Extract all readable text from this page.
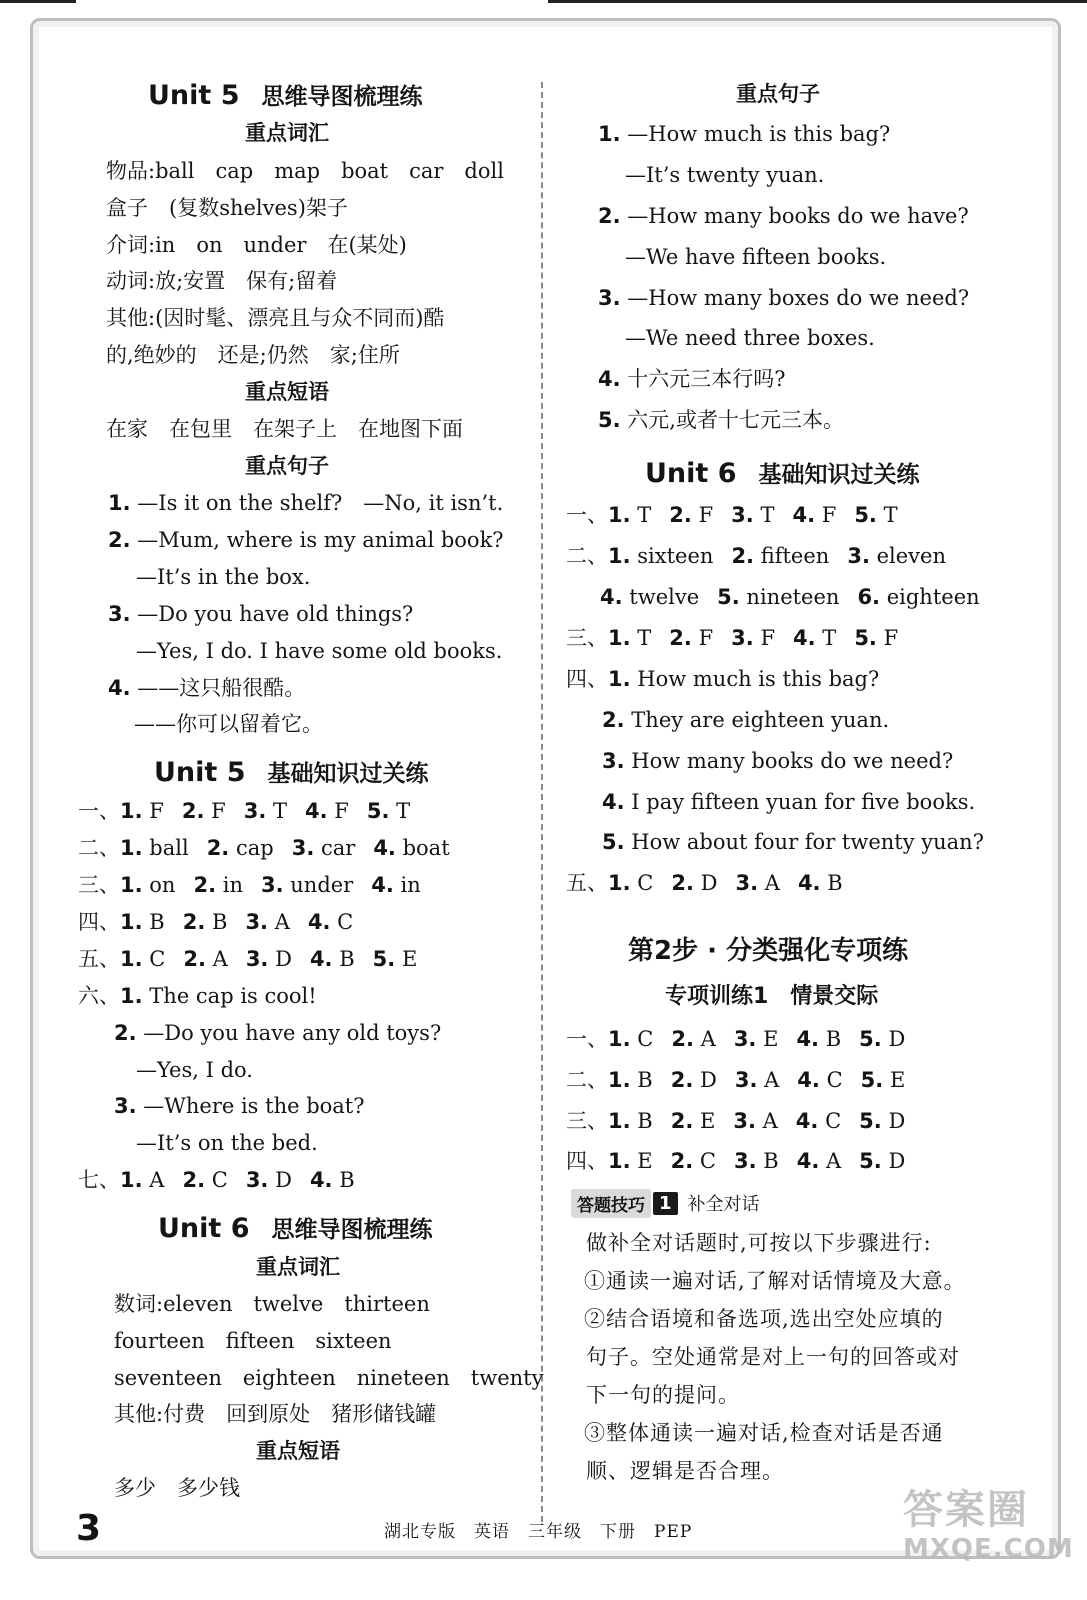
Unit 5 思维导图梳理练
重点词汇
物品:ball　cap　map　boat　car　doll
盒子　(复数shelves)架子
介词:in　on　under　在(某处)
动词:放;安置　保有;留着
其他:(因时髦、漂亮且与众不同而)酷
的,绝妙的　还是;仍然　家;住所
重点短语
在家　在包里　在架子上　在地图下面
重点句子
1. —Is it on the shelf?　—No, it isn’t.
2. —Mum, where is my animal book?
—It’s in the box.
3. —Do you have old things?
—Yes, I do. I have some old books.
4. ——这只船很酷。
——你可以留着它。
Unit 5 基础知识过关练
一、1. F 2. F 3. T 4. F 5. T
二、1. ball 2. cap 3. car 4. boat
三、1. on 2. in 3. under 4. in
四、1. B 2. B 3. A 4. C
五、1. C 2. A 3. D 4. B 5. E
六、1. The cap is cool!
2. —Do you have any old toys?
—Yes, I do.
3. —Where is the boat?
—It’s on the bed.
七、1. A 2. C 3. D 4. B
Unit 6 思维导图梳理练
重点词汇
数词:eleven　twelve　thirteen
fourteen　fifteen　sixteen
seventeen　eighteen　nineteen　twenty
其他:付费　回到原处　猪形储钱罐
重点短语
多少　多少钱
重点句子
1. —How much is this bag?
—It’s twenty yuan.
2. —How many books do we have?
—We have fifteen books.
3. —How many boxes do we need?
—We need three boxes.
4. 十六元三本行吗?
5. 六元,或者十七元三本。
Unit 6 基础知识过关练
一、1. T 2. F 3. T 4. F 5. T
二、1. sixteen 2. fifteen 3. eleven
4. twelve 5. nineteen 6. eighteen
三、1. T 2. F 3. F 4. T 5. F
四、1. How much is this bag?
2. They are eighteen yuan.
3. How many books do we need?
4. I pay fifteen yuan for five books.
5. How about four for twenty yuan?
五、1. C 2. D 3. A 4. B
第2步 · 分类强化专项练
专项训练1　情景交际
一、1. C 2. A 3. E 4. B 5. D
二、1. B 2. D 3. A 4. C 5. E
三、1. B 2. E 3. A 4. C 5. D
四、1. E 2. C 3. B 4. A 5. D
答题技巧 1 补全对话
做补全对话题时,可按以下步骤进行:
①通读一遍对话,了解对话情境及大意。
②结合语境和备选项,选出空处应填的
句子。空处通常是对上一句的回答或对
下一句的提问。
③整体通读一遍对话,检查对话是否通
顺、逻辑是否合理。
3	湖北专版 英语 三年级 下册 PEP	答案圈
MXQE.COM
